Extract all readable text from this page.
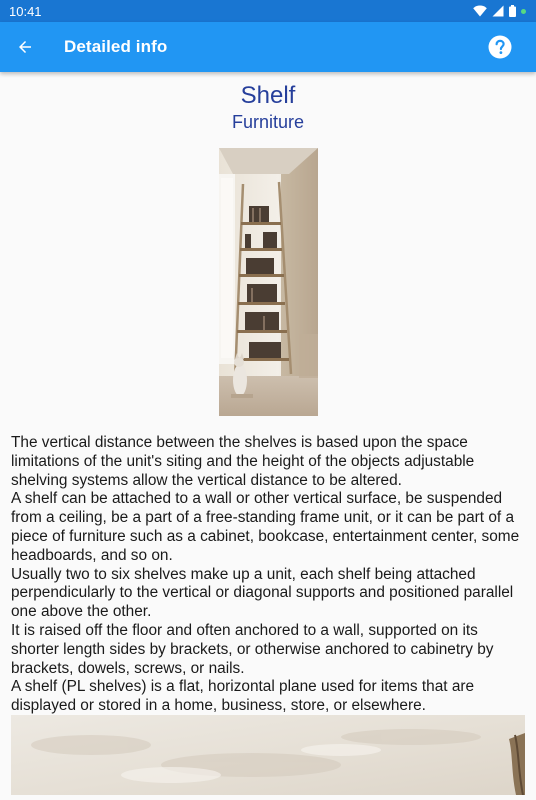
10:41
Detailed info
Shelf
Furniture

The vertical distance between the shelves is based upon the space limitations of the unit's siting and the height of the objects adjustable shelving systems allow the vertical distance to be altered.

A shelf can be attached to a wall or other vertical surface, be suspended from a ceiling, be a part of a free-standing frame unit, or it can be part of a piece of furniture such as a cabinet, bookcase, entertainment center, some headboards, and so on.

Usually two to six shelves make up a unit, each shelf being attached perpendicularly to the vertical or diagonal supports and positioned parallel one above the other.

It is raised off the floor and often anchored to a wall, supported on its shorter length sides by brackets, or otherwise anchored to cabinetry by brackets, dowels, screws, or nails.

A shelf (PL shelves) is a flat, horizontal plane used for items that are displayed or stored in a home, business, store, or elsewhere.
